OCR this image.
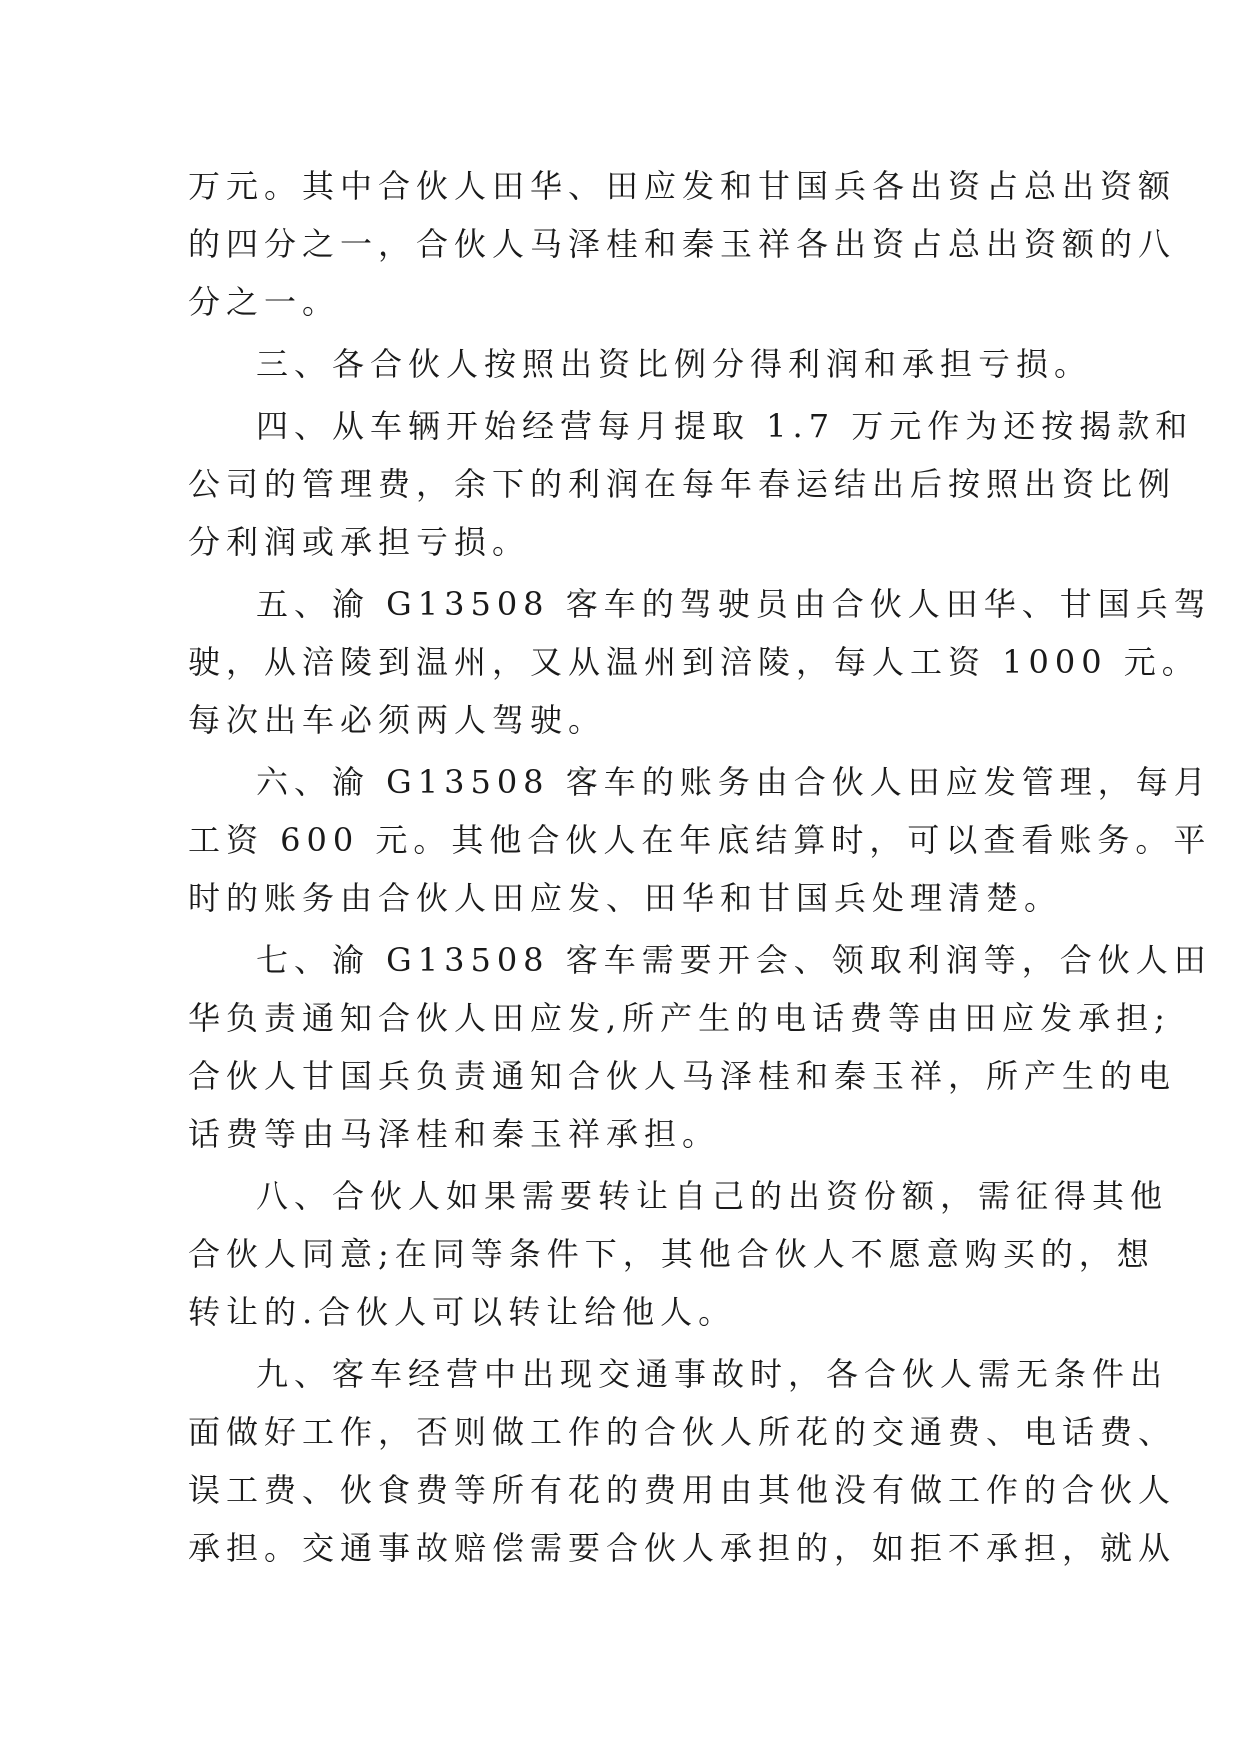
万元。其中合伙人田华、田应发和甘国兵各出资占总出资额
的四分之一，合伙人马泽桂和秦玉祥各出资占总出资额的八
分之一。
三、各合伙人按照出资比例分得利润和承担亏损。
四、从车辆开始经营每月提取 1.7 万元作为还按揭款和
公司的管理费，余下的利润在每年春运结出后按照出资比例
分利润或承担亏损。
五、渝 G13508 客车的驾驶员由合伙人田华、甘国兵驾
驶，从涪陵到温州，又从温州到涪陵，每人工资 1000 元。
每次出车必须两人驾驶。
六、渝 G13508 客车的账务由合伙人田应发管理，每月
工资 600 元。其他合伙人在年底结算时，可以查看账务。平
时的账务由合伙人田应发、田华和甘国兵处理清楚。
七、渝 G13508 客车需要开会、领取利润等，合伙人田
华负责通知合伙人田应发,所产生的电话费等由田应发承担;
合伙人甘国兵负责通知合伙人马泽桂和秦玉祥，所产生的电
话费等由马泽桂和秦玉祥承担。
八、合伙人如果需要转让自己的出资份额，需征得其他
合伙人同意;在同等条件下，其他合伙人不愿意购买的，想
转让的.合伙人可以转让给他人。
九、客车经营中出现交通事故时，各合伙人需无条件出
面做好工作，否则做工作的合伙人所花的交通费、电话费、
误工费、伙食费等所有花的费用由其他没有做工作的合伙人
承担。交通事故赔偿需要合伙人承担的，如拒不承担，就从
